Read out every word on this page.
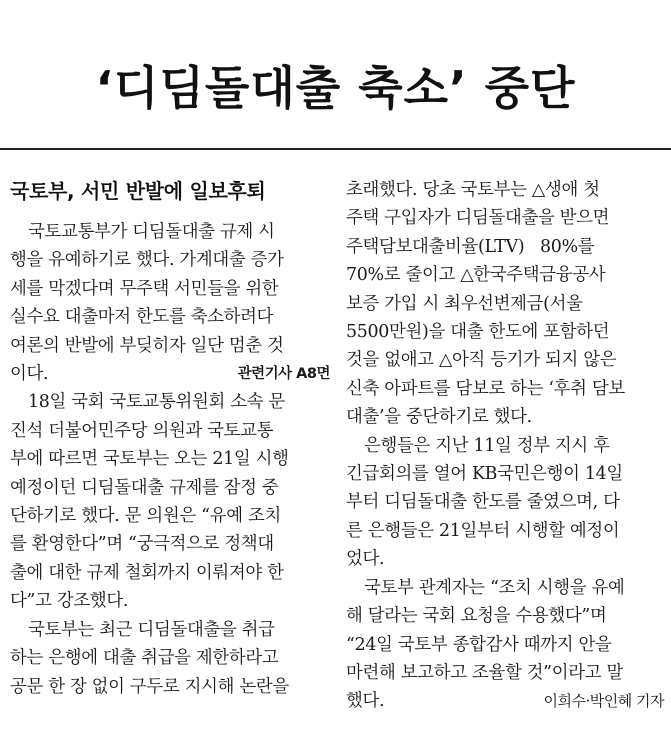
‘디딤돌대출 축소’ 중단
국토부, 서민 반발에 일보후퇴
국토교통부가 디딤돌대출 규제 시
행을 유예하기로 했다. 가계대출 증가
세를 막겠다며 무주택 서민들을 위한
실수요 대출마저 한도를 축소하려다
여론의 반발에 부딪히자 일단 멈춘 것
이다.	관련기사 A8면
18일 국회 국토교통위원회 소속 문
진석 더불어민주당 의원과 국토교통
부에 따르면 국토부는 오는 21일 시행
예정이던 디딤돌대출 규제를 잠정 중
단하기로 했다. 문 의원은 “유예 조치
를 환영한다”며 “궁극적으로 정책대
출에 대한 규제 철회까지 이뤄져야 한
다”고 강조했다.
국토부는 최근 디딤돌대출을 취급
하는 은행에 대출 취급을 제한하라고
공문 한 장 없이 구두로 지시해 논란을
초래했다. 당초 국토부는 △생애 첫
주택 구입자가 디딤돌대출을 받으면
주택담보대출비율(LTV)   80%를
70%로 줄이고 △한국주택금융공사
보증 가입 시 최우선변제금(서울
5500만원)을 대출 한도에 포함하던
것을 없애고 △아직 등기가 되지 않은
신축 아파트를 담보로 하는 ‘후취 담보
대출’을 중단하기로 했다.
은행들은 지난 11일 정부 지시 후
긴급회의를 열어 KB국민은행이 14일
부터 디딤돌대출 한도를 줄였으며, 다
른 은행들은 21일부터 시행할 예정이
었다.
국토부 관계자는 “조치 시행을 유예
해 달라는 국회 요청을 수용했다”며
“24일 국토부 종합감사 때까지 안을
마련해 보고하고 조율할 것”이라고 말
했다.	이희수·박인혜 기자
